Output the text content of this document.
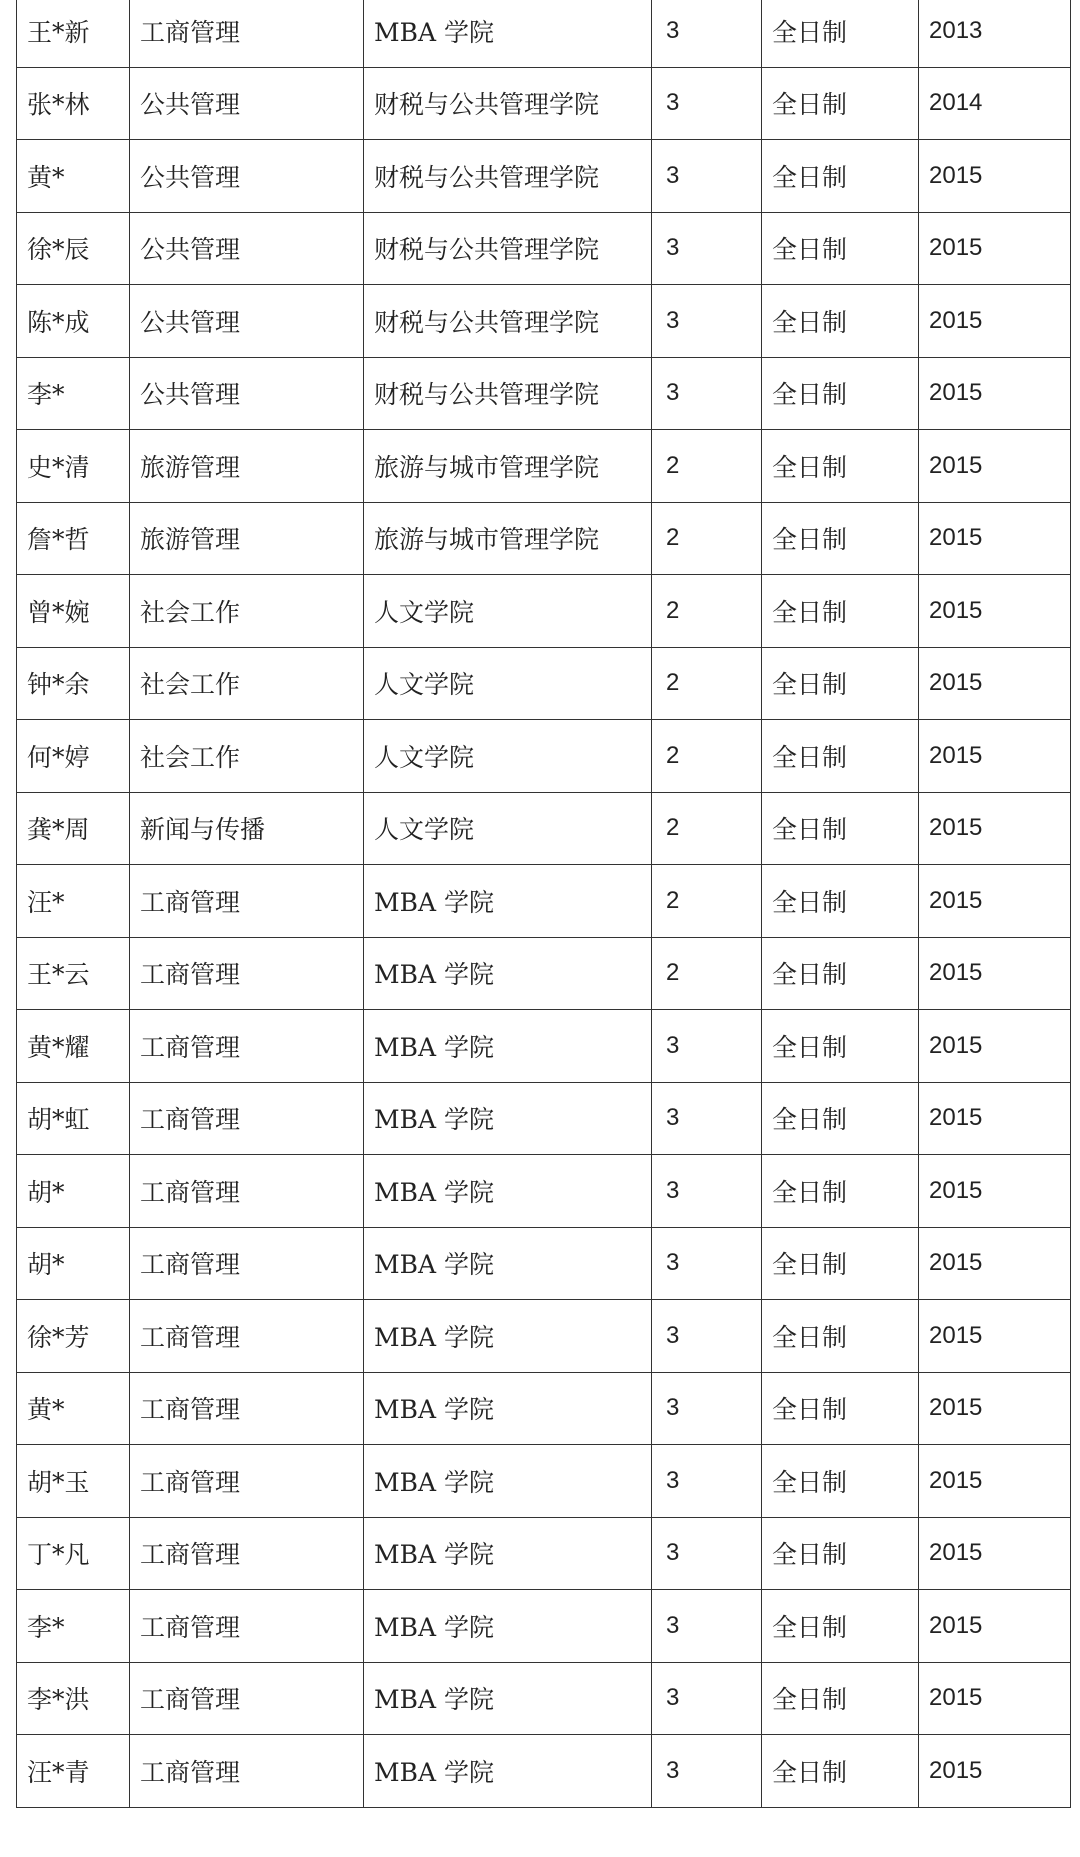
王*新	工商管理	MBA 学院	3	全日制	2013
张*林	公共管理	财税与公共管理学院	3	全日制	2014
黄*	公共管理	财税与公共管理学院	3	全日制	2015
徐*辰	公共管理	财税与公共管理学院	3	全日制	2015
陈*成	公共管理	财税与公共管理学院	3	全日制	2015
李*	公共管理	财税与公共管理学院	3	全日制	2015
史*清	旅游管理	旅游与城市管理学院	2	全日制	2015
詹*哲	旅游管理	旅游与城市管理学院	2	全日制	2015
曾*婉	社会工作	人文学院	2	全日制	2015
钟*余	社会工作	人文学院	2	全日制	2015
何*婷	社会工作	人文学院	2	全日制	2015
龚*周	新闻与传播	人文学院	2	全日制	2015
汪*	工商管理	MBA 学院	2	全日制	2015
王*云	工商管理	MBA 学院	2	全日制	2015
黄*耀	工商管理	MBA 学院	3	全日制	2015
胡*虹	工商管理	MBA 学院	3	全日制	2015
胡*	工商管理	MBA 学院	3	全日制	2015
胡*	工商管理	MBA 学院	3	全日制	2015
徐*芳	工商管理	MBA 学院	3	全日制	2015
黄*	工商管理	MBA 学院	3	全日制	2015
胡*玉	工商管理	MBA 学院	3	全日制	2015
丁*凡	工商管理	MBA 学院	3	全日制	2015
李*	工商管理	MBA 学院	3	全日制	2015
李*洪	工商管理	MBA 学院	3	全日制	2015
汪*青	工商管理	MBA 学院	3	全日制	2015
